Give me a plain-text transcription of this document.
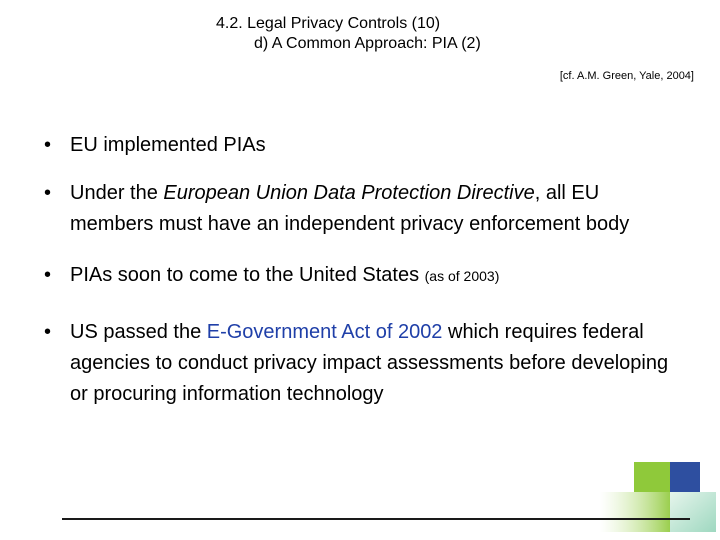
4.2. Legal Privacy Controls (10)
d) A Common Approach: PIA (2)
[cf. A.M. Green, Yale, 2004]
• EU implemented PIAs
• Under the European Union Data Protection Directive, all EU members must have an independent privacy enforcement body
• PIAs soon to come to the United States (as of 2003)
• US passed the E-Government Act of 2002 which requires federal agencies to conduct privacy impact assessments before developing or procuring information technology
